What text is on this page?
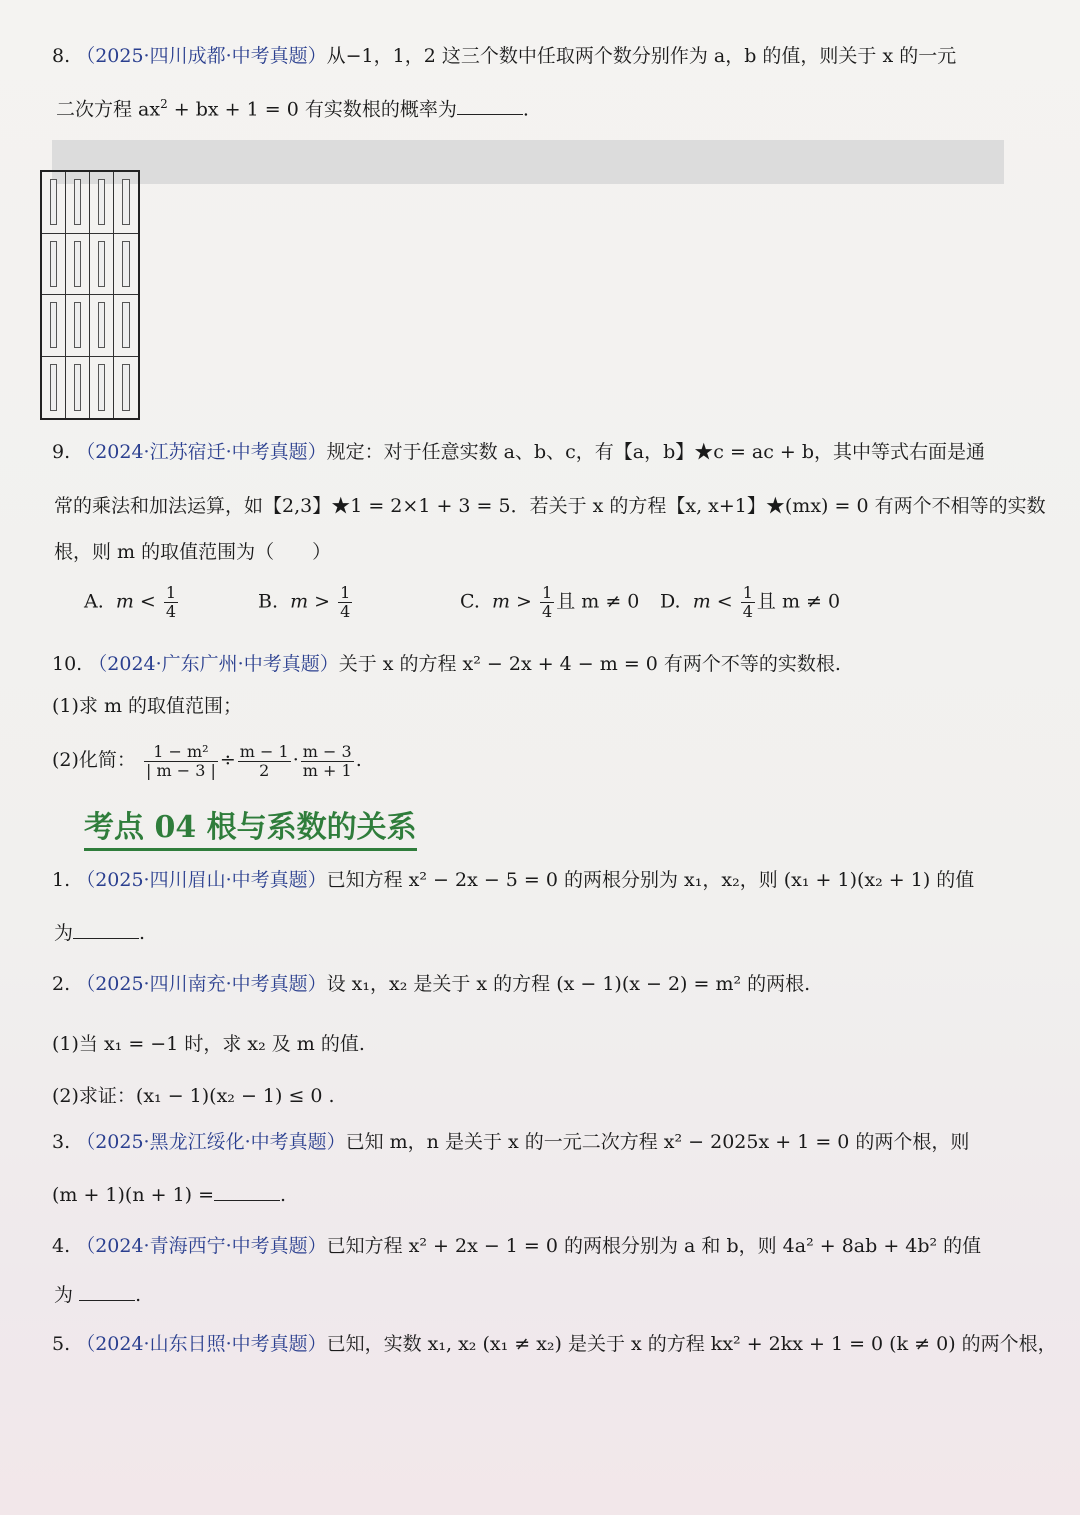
8. （2025·四川成都·中考真题）从−1，1，2 这三个数中任取两个数分别作为 a，b 的值，则关于 x 的一元
二次方程 $ax^2$ + bx + 1 = 0 有实数根的概率为	.
9. （2024·江苏宿迁·中考真题）规定：对于任意实数 a、b、c，有【a，b】★c = ac + b，其中等式右面是通
常的乘法和加法运算，如【2,3】★1 = 2×1 + 3 = 5．若关于 x 的方程【x, x+1】★(mx) = 0 有两个不相等的实数
根，则 m 的取值范围为（　　）
A. $m < \frac{1}{4}$	B. $m > \frac{1}{4}$	C. $m > \frac{1}{4}$ 且 m ≠ 0 D. $m < \frac{1}{4}$ 且 m ≠ 0
10. （2024·广东广州·中考真题）关于 x 的方程 x² − 2x + 4 − m = 0 有两个不等的实数根.
(1)求 m 的取值范围；
(2)化简： $\frac{\text{1 − m²}}{| m - 3 |} \div \frac{m - 1}{2} \cdot \frac{m - 3}{m + 1}$ .
考点 04 根与系数的关系
1. （2025·四川眉山·中考真题）已知方程 x² − 2x − 5 = 0 的两根分别为 x₁，x₂，则 (x₁ + 1)(x₂ + 1) 的值
为	.
2. （2025·四川南充·中考真题）设 x₁，x₂ 是关于 x 的方程 (x − 1)(x − 2) = m² 的两根.
(1)当 x₁ = −1 时，求 x₂ 及 m 的值.
(2)求证：(x₁ − 1)(x₂ − 1) ≤ 0 .
3. （2025·黑龙江绥化·中考真题）已知 m，n 是关于 x 的一元二次方程 x² − 2025x + 1 = 0 的两个根，则
(m + 1)(n + 1) =	.
4. （2024·青海西宁·中考真题）已知方程 x² + 2x − 1 = 0 的两根分别为 a 和 b，则 4a² + 8ab + 4b² 的值
为	.
5. （2024·山东日照·中考真题）已知，实数 x₁, x₂ (x₁ ≠ x₂) 是关于 x 的方程 kx² + 2kx + 1 = 0 (k ≠ 0) 的两个根，
